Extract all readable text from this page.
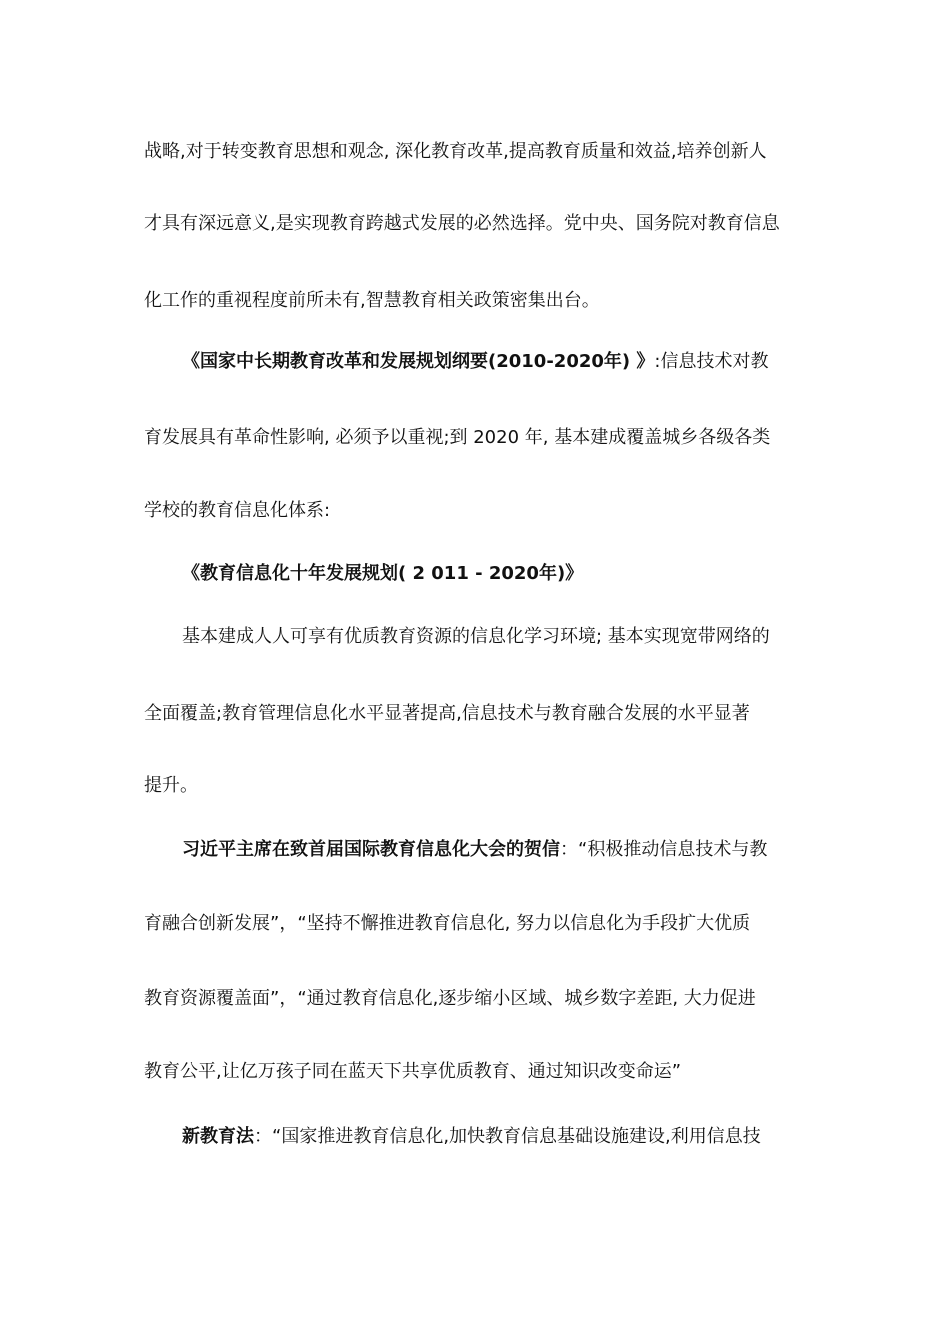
战略,对于转变教育思想和观念, 深化教育改革,提高教育质量和效益,培养创新人
才具有深远意义,是实现教育跨越式发展的必然选择。党中央、国务院对教育信息
化工作的重视程度前所未有,智慧教育相关政策密集出台。
《国家中长期教育改革和发展规划纲要(2010-2020年) 》:信息技术对教
育发展具有革命性影响, 必须予以重视;到 2020 年, 基本建成覆盖城乡各级各类
学校的教育信息化体系:
《教育信息化十年发展规划( 2 011 - 2020年)》
基本建成人人可享有优质教育资源的信息化学习环境; 基本实现宽带网络的
全面覆盖;教育管理信息化水平显著提高,信息技术与教育融合发展的水平显著
提升。
习近平主席在致首届国际教育信息化大会的贺信：“积极推动信息技术与教
育融合创新发展”，“坚持不懈推进教育信息化, 努力以信息化为手段扩大优质
教育资源覆盖面”，“通过教育信息化,逐步缩小区域、城乡数字差距, 大力促进
教育公平,让亿万孩子同在蓝天下共享优质教育、通过知识改变命运”
新教育法：“国家推进教育信息化,加快教育信息基础设施建设,利用信息技
